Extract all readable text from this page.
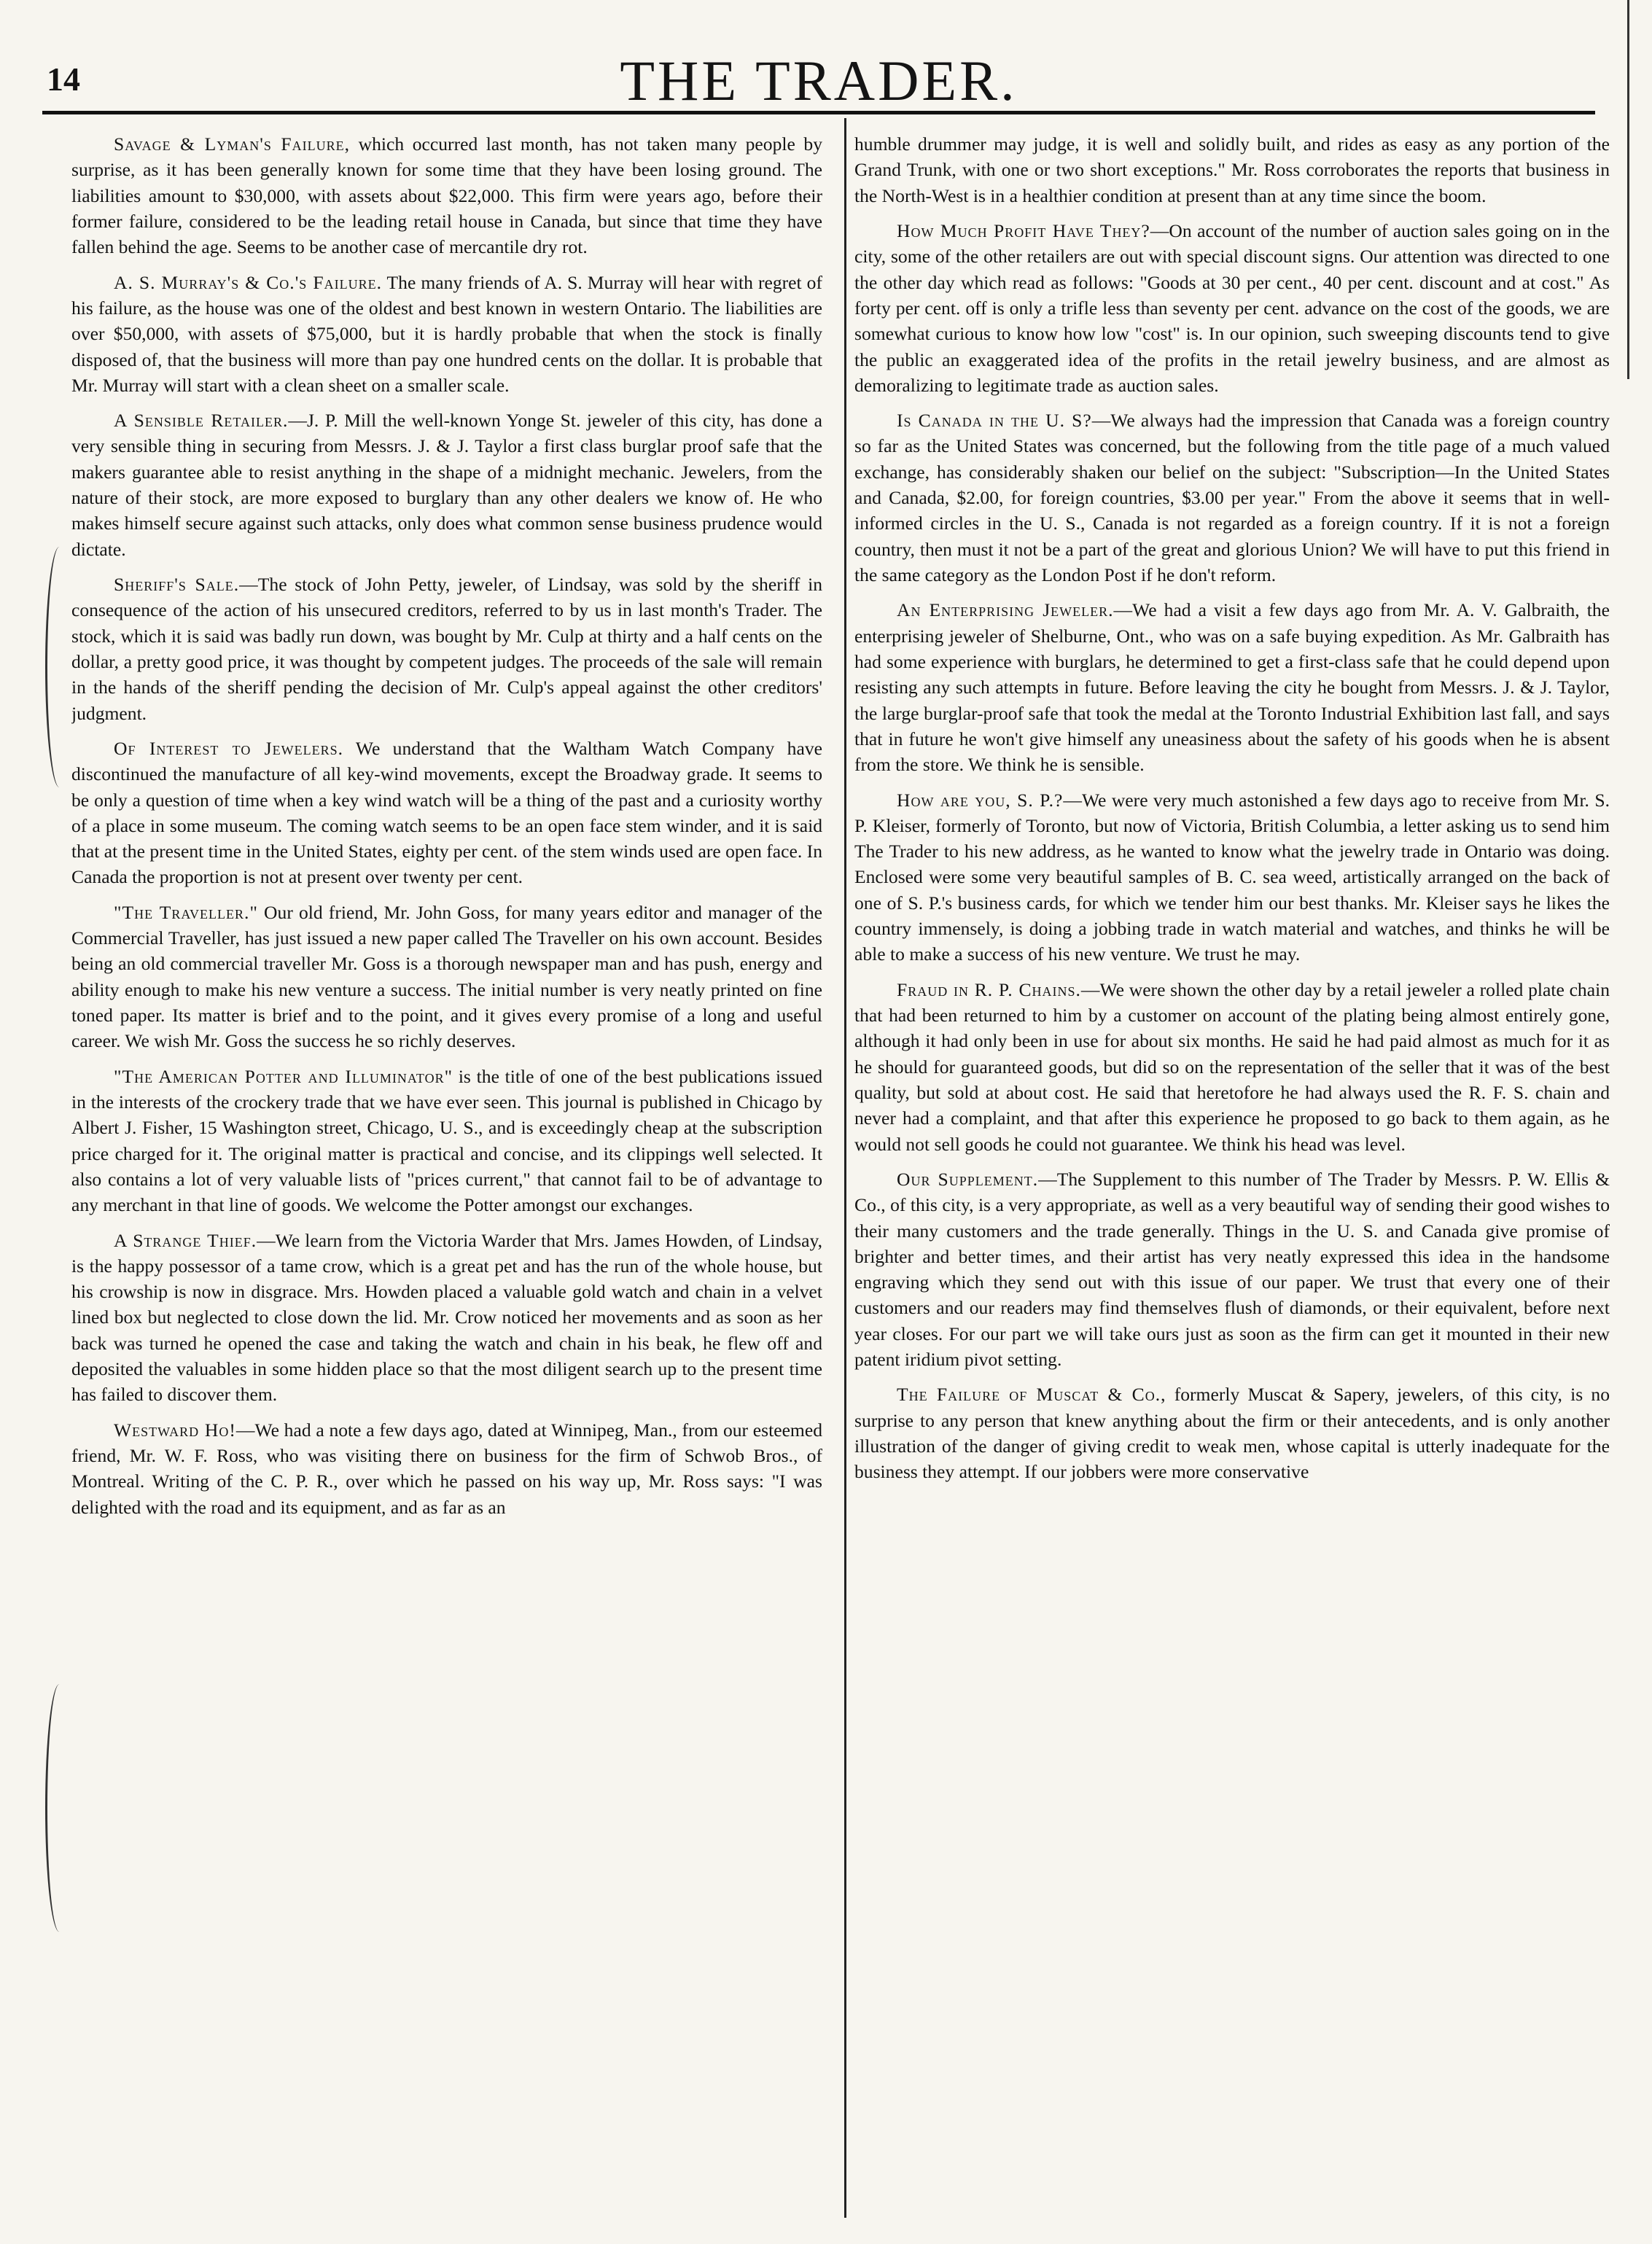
14	THE TRADER.

Savage & Lyman's Failure, which occurred last month, has not taken many people by surprise, as it has been generally known for some time that they have been losing ground. The liabilities amount to $30,000, with assets about $22,000. This firm were years ago, before their former failure, considered to be the leading retail house in Canada, but since that time they have fallen behind the age. Seems to be another case of mercantile dry rot.

A. S. Murray's & Co.'s Failure. The many friends of A. S. Murray will hear with regret of his failure, as the house was one of the oldest and best known in western Ontario. The liabilities are over $50,000, with assets of $75,000, but it is hardly probable that when the stock is finally disposed of, that the business will more than pay one hundred cents on the dollar. It is probable that Mr. Murray will start with a clean sheet on a smaller scale.

A Sensible Retailer.—J. P. Mill the well-known Yonge St. jeweler of this city, has done a very sensible thing in securing from Messrs. J. & J. Taylor a first class burglar proof safe that the makers guarantee able to resist anything in the shape of a midnight mechanic. Jewelers, from the nature of their stock, are more exposed to burglary than any other dealers we know of. He who makes himself secure against such attacks, only does what common sense business prudence would dictate.

Sheriff's Sale.—The stock of John Petty, jeweler, of Lindsay, was sold by the sheriff in consequence of the action of his unsecured creditors, referred to by us in last month's Trader. The stock, which it is said was badly run down, was bought by Mr. Culp at thirty and a half cents on the dollar, a pretty good price, it was thought by competent judges. The proceeds of the sale will remain in the hands of the sheriff pending the decision of Mr. Culp's appeal against the other creditors' judgment.

Of Interest to Jewelers. We understand that the Waltham Watch Company have discontinued the manufacture of all key-wind movements, except the Broadway grade. It seems to be only a question of time when a key wind watch will be a thing of the past and a curiosity worthy of a place in some museum. The coming watch seems to be an open face stem winder, and it is said that at the present time in the United States, eighty per cent. of the stem winds used are open face. In Canada the proportion is not at present over twenty per cent.

"The Traveller." Our old friend, Mr. John Goss, for many years editor and manager of the Commercial Traveller, has just issued a new paper called The Traveller on his own account. Besides being an old commercial traveller Mr. Goss is a thorough newspaper man and has push, energy and ability enough to make his new venture a success. The initial number is very neatly printed on fine toned paper. Its matter is brief and to the point, and it gives every promise of a long and useful career. We wish Mr. Goss the success he so richly deserves.

"The American Potter and Illuminator" is the title of one of the best publications issued in the interests of the crockery trade that we have ever seen. This journal is published in Chicago by Albert J. Fisher, 15 Washington street, Chicago, U. S., and is exceedingly cheap at the subscription price charged for it. The original matter is practical and concise, and its clippings well selected. It also contains a lot of very valuable lists of "prices current," that cannot fail to be of advantage to any merchant in that line of goods. We welcome the Potter amongst our exchanges.

A Strange Thief.—We learn from the Victoria Warder that Mrs. James Howden, of Lindsay, is the happy possessor of a tame crow, which is a great pet and has the run of the whole house, but his crowship is now in disgrace. Mrs. Howden placed a valuable gold watch and chain in a velvet lined box but neglected to close down the lid. Mr. Crow noticed her movements and as soon as her back was turned he opened the case and taking the watch and chain in his beak, he flew off and deposited the valuables in some hidden place so that the most diligent search up to the present time has failed to discover them.

Westward Ho!—We had a note a few days ago, dated at Winnipeg, Man., from our esteemed friend, Mr. W. F. Ross, who was visiting there on business for the firm of Schwob Bros., of Montreal. Writing of the C. P. R., over which he passed on his way up, Mr. Ross says: "I was delighted with the road and its equipment, and as far as an

humble drummer may judge, it is well and solidly built, and rides as easy as any portion of the Grand Trunk, with one or two short exceptions." Mr. Ross corroborates the reports that business in the North-West is in a healthier condition at present than at any time since the boom.

How Much Profit Have They?—On account of the number of auction sales going on in the city, some of the other retailers are out with special discount signs. Our attention was directed to one the other day which read as follows: "Goods at 30 per cent., 40 per cent. discount and at cost." As forty per cent. off is only a trifle less than seventy per cent. advance on the cost of the goods, we are somewhat curious to know how low "cost" is. In our opinion, such sweeping discounts tend to give the public an exaggerated idea of the profits in the retail jewelry business, and are almost as demoralizing to legitimate trade as auction sales.

Is Canada in the U. S?—We always had the impression that Canada was a foreign country so far as the United States was concerned, but the following from the title page of a much valued exchange, has considerably shaken our belief on the subject: "Subscription—In the United States and Canada, $2.00, for foreign countries, $3.00 per year." From the above it seems that in well-informed circles in the U. S., Canada is not regarded as a foreign country. If it is not a foreign country, then must it not be a part of the great and glorious Union? We will have to put this friend in the same category as the London Post if he don't reform.

An Enterprising Jeweler.—We had a visit a few days ago from Mr. A. V. Galbraith, the enterprising jeweler of Shelburne, Ont., who was on a safe buying expedition. As Mr. Galbraith has had some experience with burglars, he determined to get a first-class safe that he could depend upon resisting any such attempts in future. Before leaving the city he bought from Messrs. J. & J. Taylor, the large burglar-proof safe that took the medal at the Toronto Industrial Exhibition last fall, and says that in future he won't give himself any uneasiness about the safety of his goods when he is absent from the store. We think he is sensible.

How are you, S. P.?—We were very much astonished a few days ago to receive from Mr. S. P. Kleiser, formerly of Toronto, but now of Victoria, British Columbia, a letter asking us to send him The Trader to his new address, as he wanted to know what the jewelry trade in Ontario was doing. Enclosed were some very beautiful samples of B. C. sea weed, artistically arranged on the back of one of S. P.'s business cards, for which we tender him our best thanks. Mr. Kleiser says he likes the country immensely, is doing a jobbing trade in watch material and watches, and thinks he will be able to make a success of his new venture. We trust he may.

Fraud in R. P. Chains.—We were shown the other day by a retail jeweler a rolled plate chain that had been returned to him by a customer on account of the plating being almost entirely gone, although it had only been in use for about six months. He said he had paid almost as much for it as he should for guaranteed goods, but did so on the representation of the seller that it was of the best quality, but sold at about cost. He said that heretofore he had always used the R. F. S. chain and never had a complaint, and that after this experience he proposed to go back to them again, as he would not sell goods he could not guarantee. We think his head was level.

Our Supplement.—The Supplement to this number of The Trader by Messrs. P. W. Ellis & Co., of this city, is a very appropriate, as well as a very beautiful way of sending their good wishes to their many customers and the trade generally. Things in the U. S. and Canada give promise of brighter and better times, and their artist has very neatly expressed this idea in the handsome engraving which they send out with this issue of our paper. We trust that every one of their customers and our readers may find themselves flush of diamonds, or their equivalent, before next year closes. For our part we will take ours just as soon as the firm can get it mounted in their new patent iridium pivot setting.

The Failure of Muscat & Co., formerly Muscat & Sapery, jewelers, of this city, is no surprise to any person that knew anything about the firm or their antecedents, and is only another illustration of the danger of giving credit to weak men, whose capital is utterly inadequate for the business they attempt. If our jobbers were more conservative
